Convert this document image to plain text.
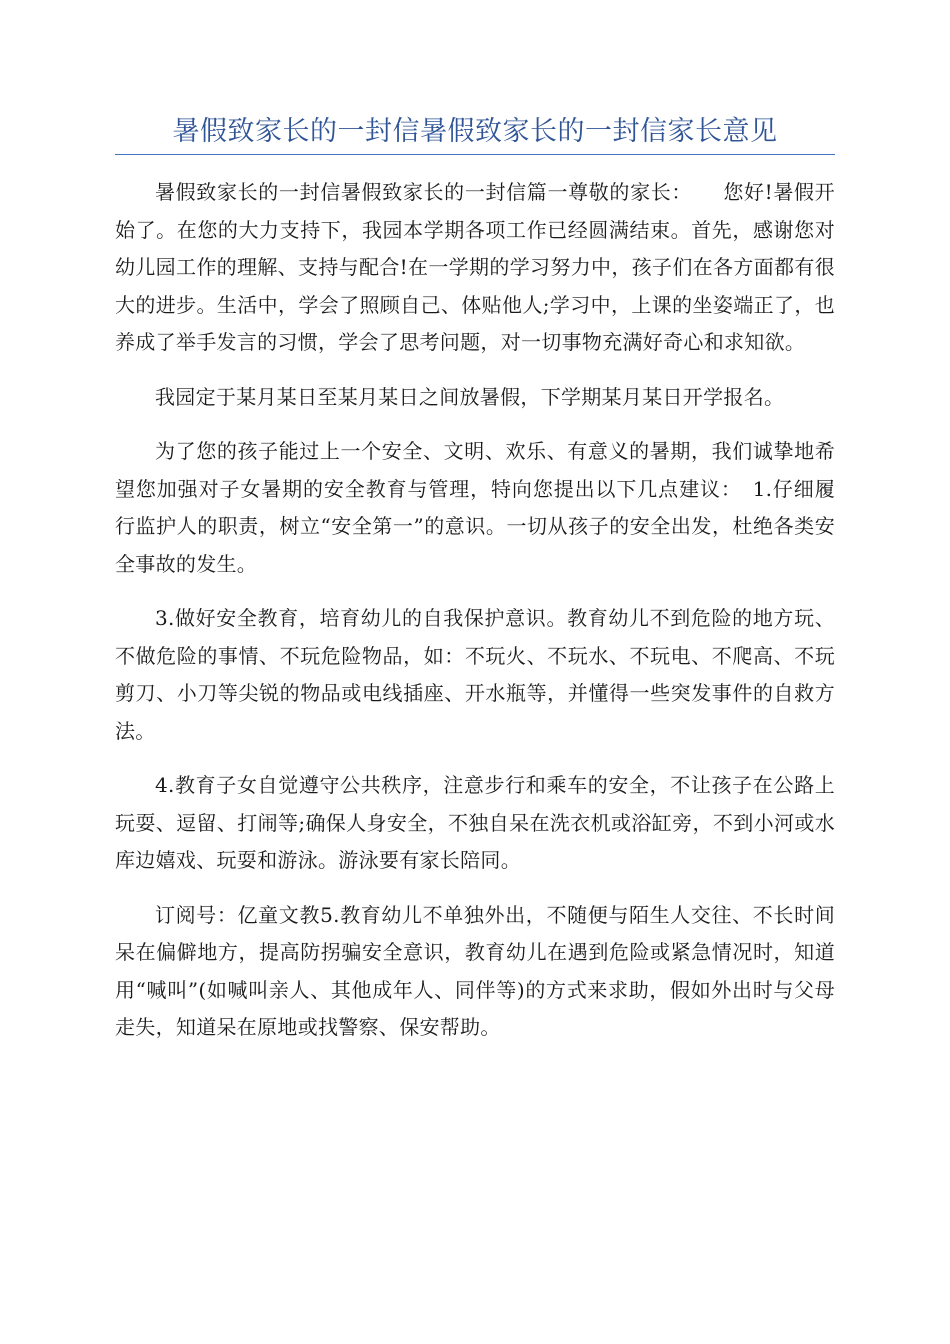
暑假致家长的一封信暑假致家长的一封信家长意见

暑假致家长的一封信暑假致家长的一封信篇一尊敬的家长：　　您好!暑假开始了。在您的大力支持下，我园本学期各项工作已经圆满结束。首先，感谢您对幼儿园工作的理解、支持与配合!在一学期的学习努力中，孩子们在各方面都有很大的进步。生活中，学会了照顾自己、体贴他人;学习中，上课的坐姿端正了，也养成了举手发言的习惯，学会了思考问题，对一切事物充满好奇心和求知欲。

我园定于某月某日至某月某日之间放暑假，下学期某月某日开学报名。

为了您的孩子能过上一个安全、文明、欢乐、有意义的暑期，我们诚挚地希望您加强对子女暑期的安全教育与管理，特向您提出以下几点建议：　1.仔细履行监护人的职责，树立“安全第一”的意识。一切从孩子的安全出发，杜绝各类安全事故的发生。

3.做好安全教育，培育幼儿的自我保护意识。教育幼儿不到危险的地方玩、不做危险的事情、不玩危险物品，如：不玩火、不玩水、不玩电、不爬高、不玩剪刀、小刀等尖锐的物品或电线插座、开水瓶等，并懂得一些突发事件的自救方法。

4.教育子女自觉遵守公共秩序，注意步行和乘车的安全，不让孩子在公路上玩耍、逗留、打闹等;确保人身安全，不独自呆在洗衣机或浴缸旁，不到小河或水库边嬉戏、玩耍和游泳。游泳要有家长陪同。

订阅号：亿童文教5.教育幼儿不单独外出，不随便与陌生人交往、不长时间呆在偏僻地方，提高防拐骗安全意识，教育幼儿在遇到危险或紧急情况时，知道用“喊叫”(如喊叫亲人、其他成年人、同伴等)的方式来求助，假如外出时与父母走失，知道呆在原地或找警察、保安帮助。
